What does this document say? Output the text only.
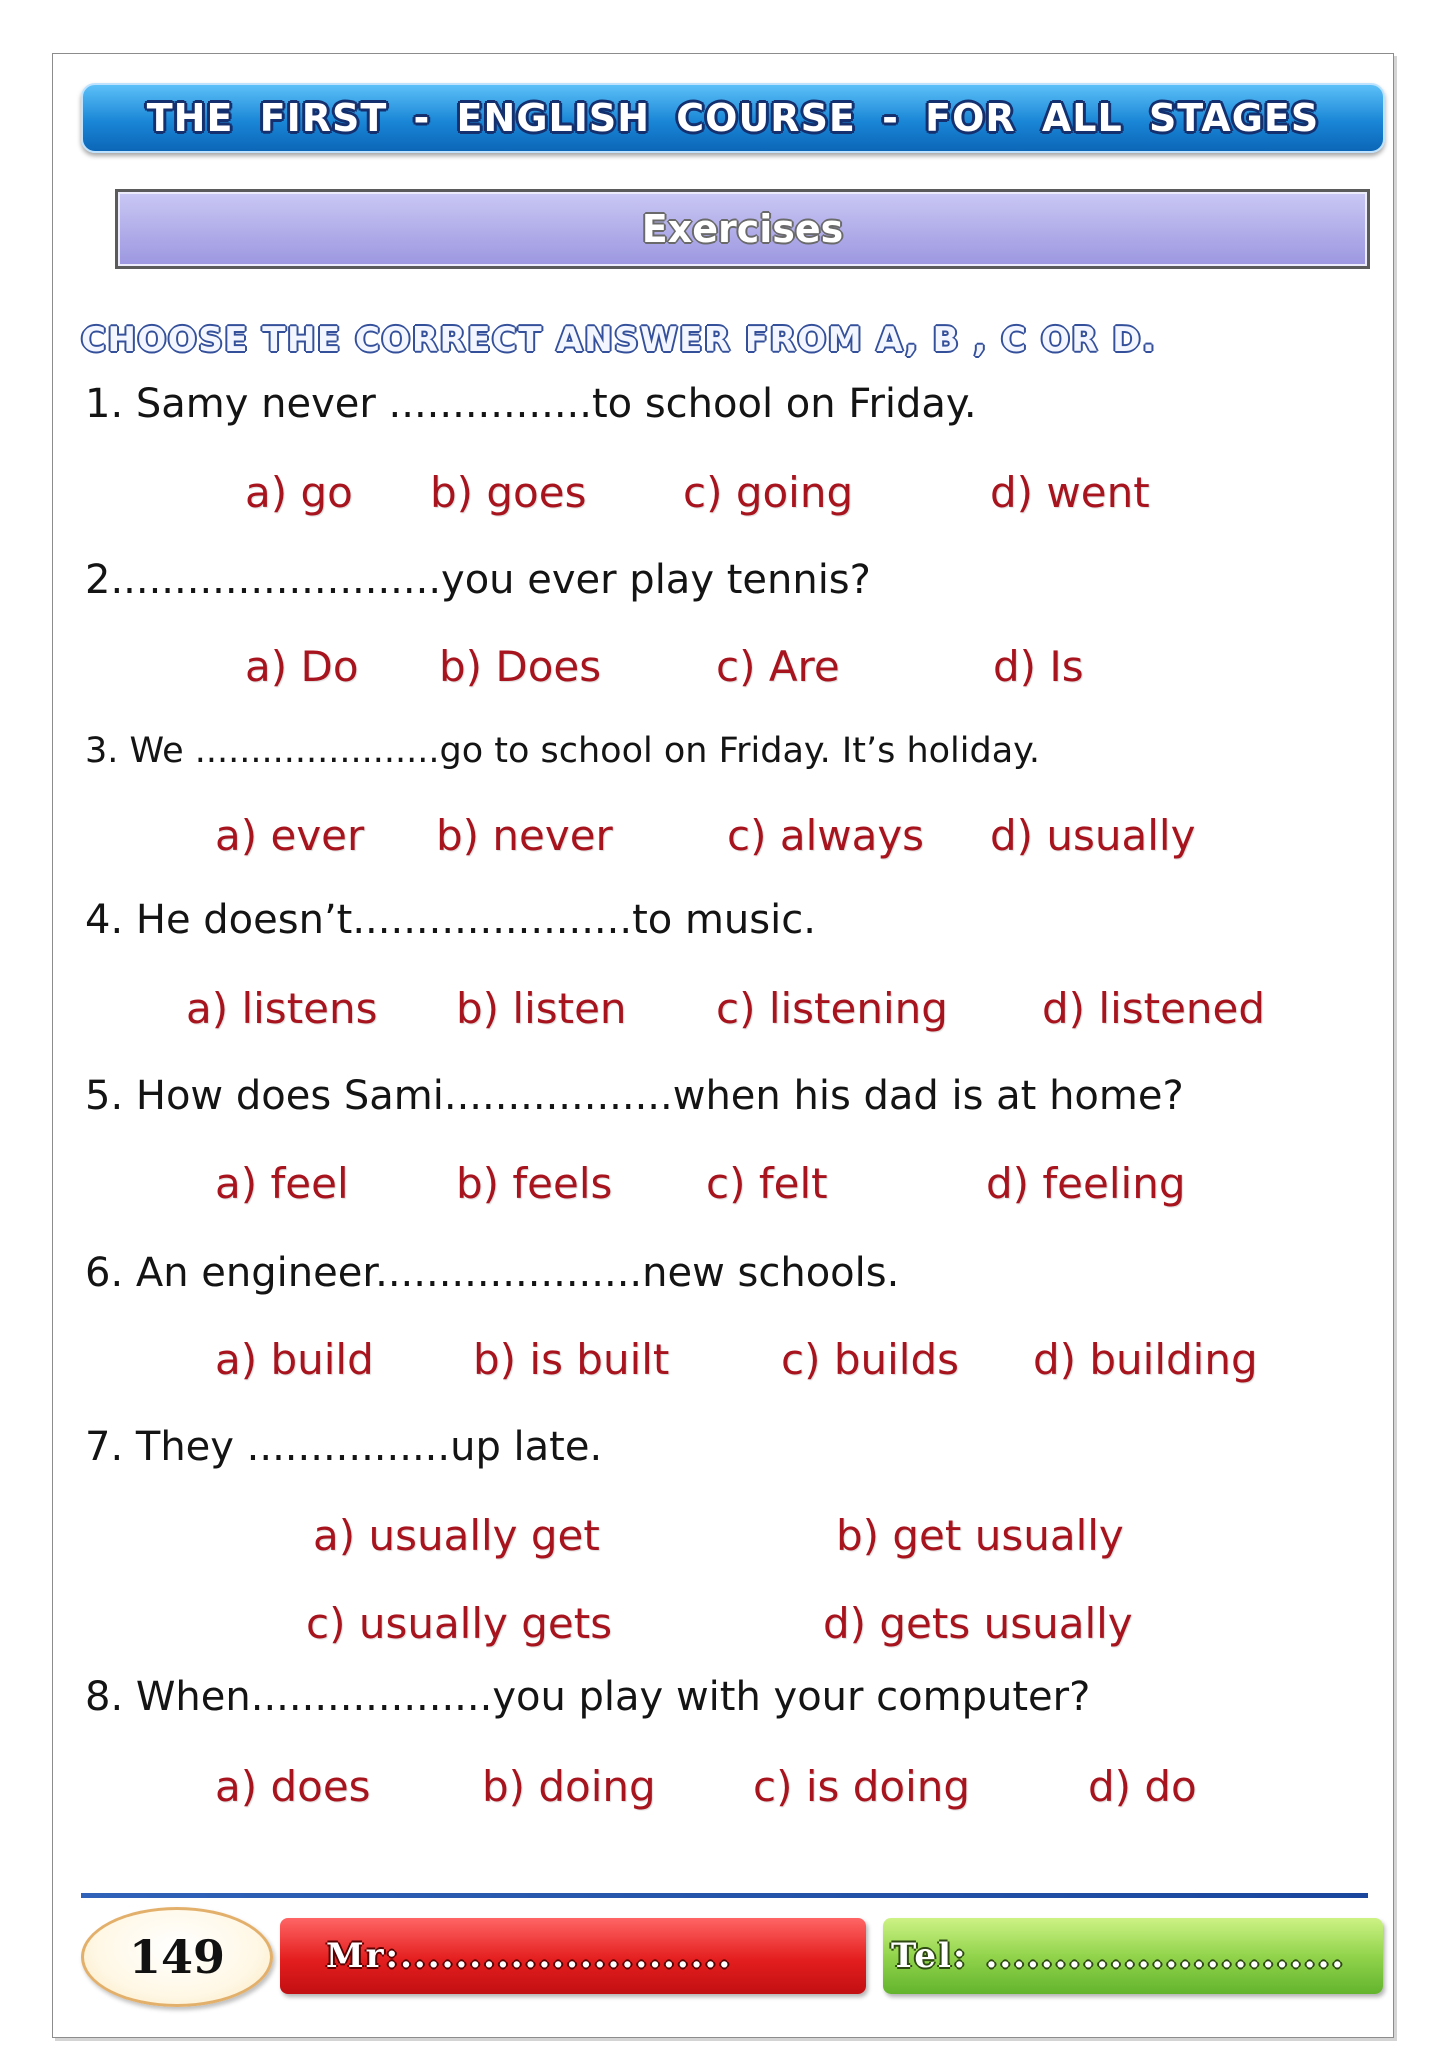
THE FIRST - ENGLISH COURSE - FOR ALL STAGES
Exercises
CHOOSE THE CORRECT ANSWER FROM A, B , C OR D.
1. Samy never ................to school on Friday.
a) go b) goes c) going	d) went
2..........................you ever play tennis?
a) Do b) Does	c) Are	d) Is
3. We ......................go to school on Friday. It’s holiday.
a) ever b) never	c) always d) usually
4. He doesn’t......................to music.
a) listens b) listen c) listening d) listened
5. How does Sami..................when his dad is at home?
a) feel	b) feels c) felt	d) feeling
6. An engineer.....................new schools.
a) build b) is built	c) builds d) building
7. They ................up late.
a) usually get	b) get usually
c) usually gets	d) gets usually
8. When...................you play with your computer?
a) does	b) doing c) is doing	d) do
149	Mr:........................	Tel: ..........................
